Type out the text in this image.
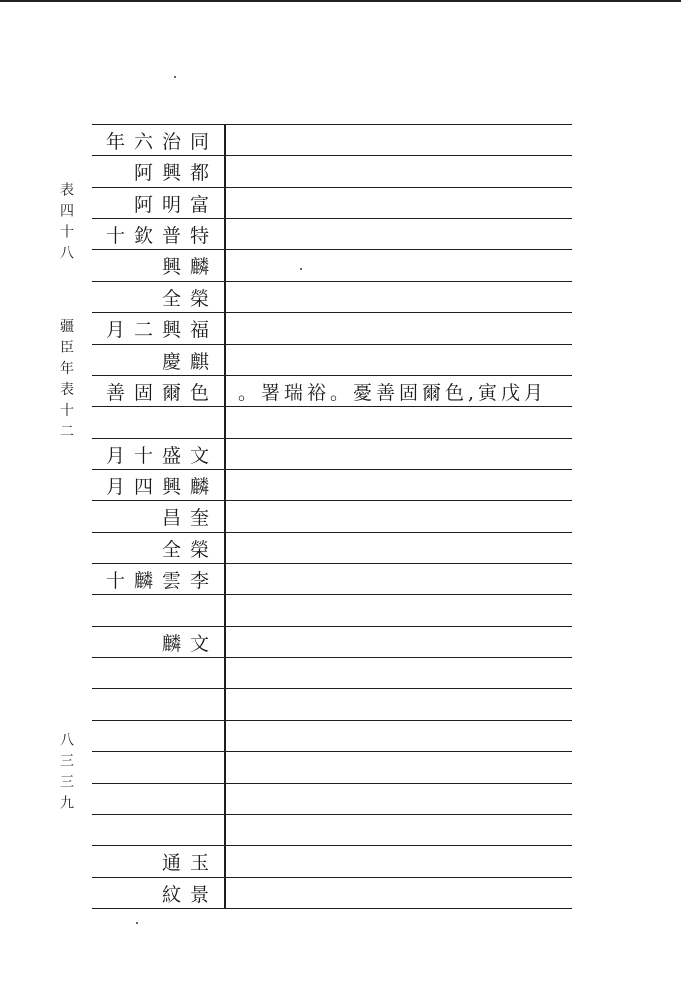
表四十八  疆臣年表十二
八三三九
同治六年
都興阿
富明阿
特普欽十
麟興
榮全
福興二月
麒慶
色爾固善 月戊寅,色爾固善憂。裕瑞署。
文盛十月
麟興四月
奎昌
榮全
李雲麟十
文麟
玉通
景紋
